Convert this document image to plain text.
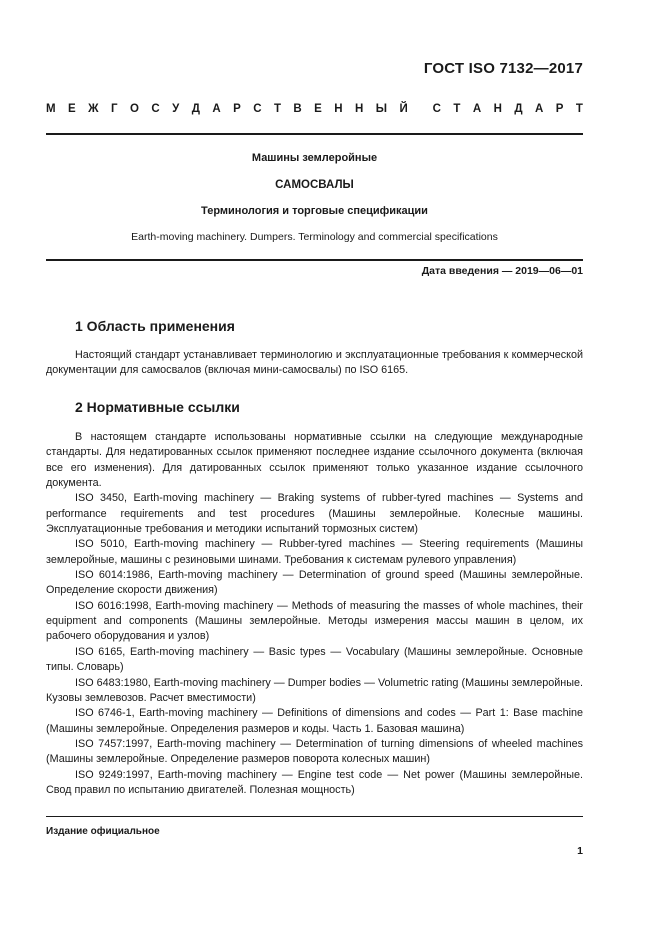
ГОСТ ISO 7132—2017
М Е Ж Г О С У Д А Р С Т В Е Н Н Ы Й С Т А Н Д А Р Т
Машины землеройные
САМОСВАЛЫ
Терминология и торговые спецификации
Earth-moving machinery. Dumpers. Terminology and commercial specifications
Дата введения — 2019—06—01
1 Область применения

Настоящий стандарт устанавливает терминологию и эксплуатационные требования к коммерческой документации для самосвалов (включая мини-самосвалы) по ISO 6165.

2 Нормативные ссылки

В настоящем стандарте использованы нормативные ссылки на следующие международные стандарты. Для недатированных ссылок применяют последнее издание ссылочного документа (включая все его изменения). Для датированных ссылок применяют только указанное издание ссылочного документа.

ISO 3450, Earth-moving machinery — Braking systems of rubber-tyred machines — Systems and performance requirements and test procedures (Машины землеройные. Колесные машины. Эксплуатационные требования и методики испытаний тормозных систем)

ISO 5010, Earth-moving machinery — Rubber-tyred machines — Steering requirements (Машины землеройные, машины с резиновыми шинами. Требования к системам рулевого управления)

ISO 6014:1986, Earth-moving machinery — Determination of ground speed (Машины землеройные. Определение скорости движения)

ISO 6016:1998, Earth-moving machinery — Methods of measuring the masses of whole machines, their equipment and components (Машины землеройные. Методы измерения массы машин в целом, их рабочего оборудования и узлов)

ISO 6165, Earth-moving machinery — Basic types — Vocabulary (Машины землеройные. Основные типы. Словарь)

ISO 6483:1980, Earth-moving machinery — Dumper bodies — Volumetric rating (Машины землеройные. Кузовы землевозов. Расчет вместимости)

ISO 6746-1, Earth-moving machinery — Definitions of dimensions and codes — Part 1: Base machine (Машины землеройные. Определения размеров и коды. Часть 1. Базовая машина)

ISO 7457:1997, Earth-moving machinery — Determination of turning dimensions of wheeled machines (Машины землеройные. Определение размеров поворота колесных машин)

ISO 9249:1997, Earth-moving machinery — Engine test code — Net power (Машины землеройные. Свод правил по испытанию двигателей. Полезная мощность)

Издание официальное
1
